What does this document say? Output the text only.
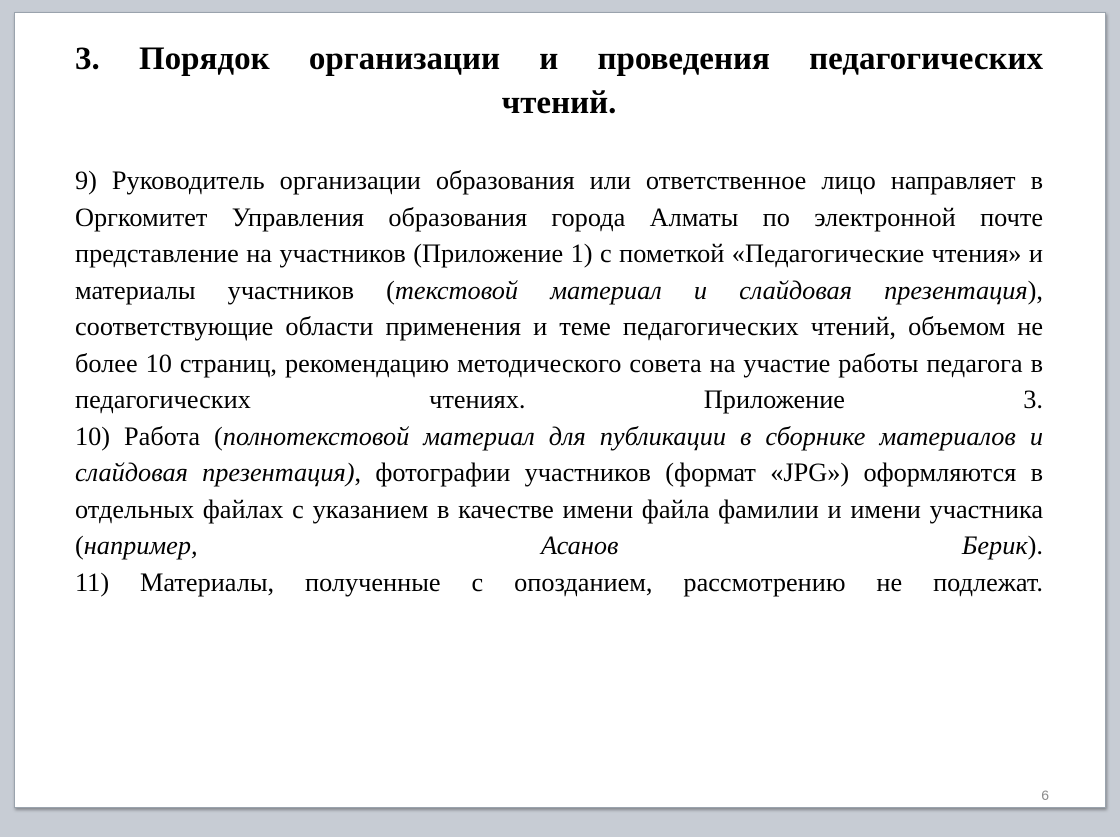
3. Порядок организации и проведения педагогических
чтений.

9) Руководитель организации образования или ответственное лицо направляет в Оргкомитет Управления образования города Алматы по электронной почте представление на участников (Приложение 1) с пометкой «Педагогические чтения» и материалы участников (текстовой материал и слайдовая презентация), соответствующие области применения и теме педагогических чтений, объемом не более 10 страниц, рекомендацию методического совета на участие работы педагога в педагогических чтениях. Приложение 3.

10) Работа (полнотекстовой материал для публикации в сборнике материалов и слайдовая презентация), фотографии участников (формат «JPG») оформляются в отдельных файлах с указанием в качестве имени файла фамилии и имени участника (например, Асанов Берик).

11) Материалы, полученные с опозданием, рассмотрению не подлежат.

6
